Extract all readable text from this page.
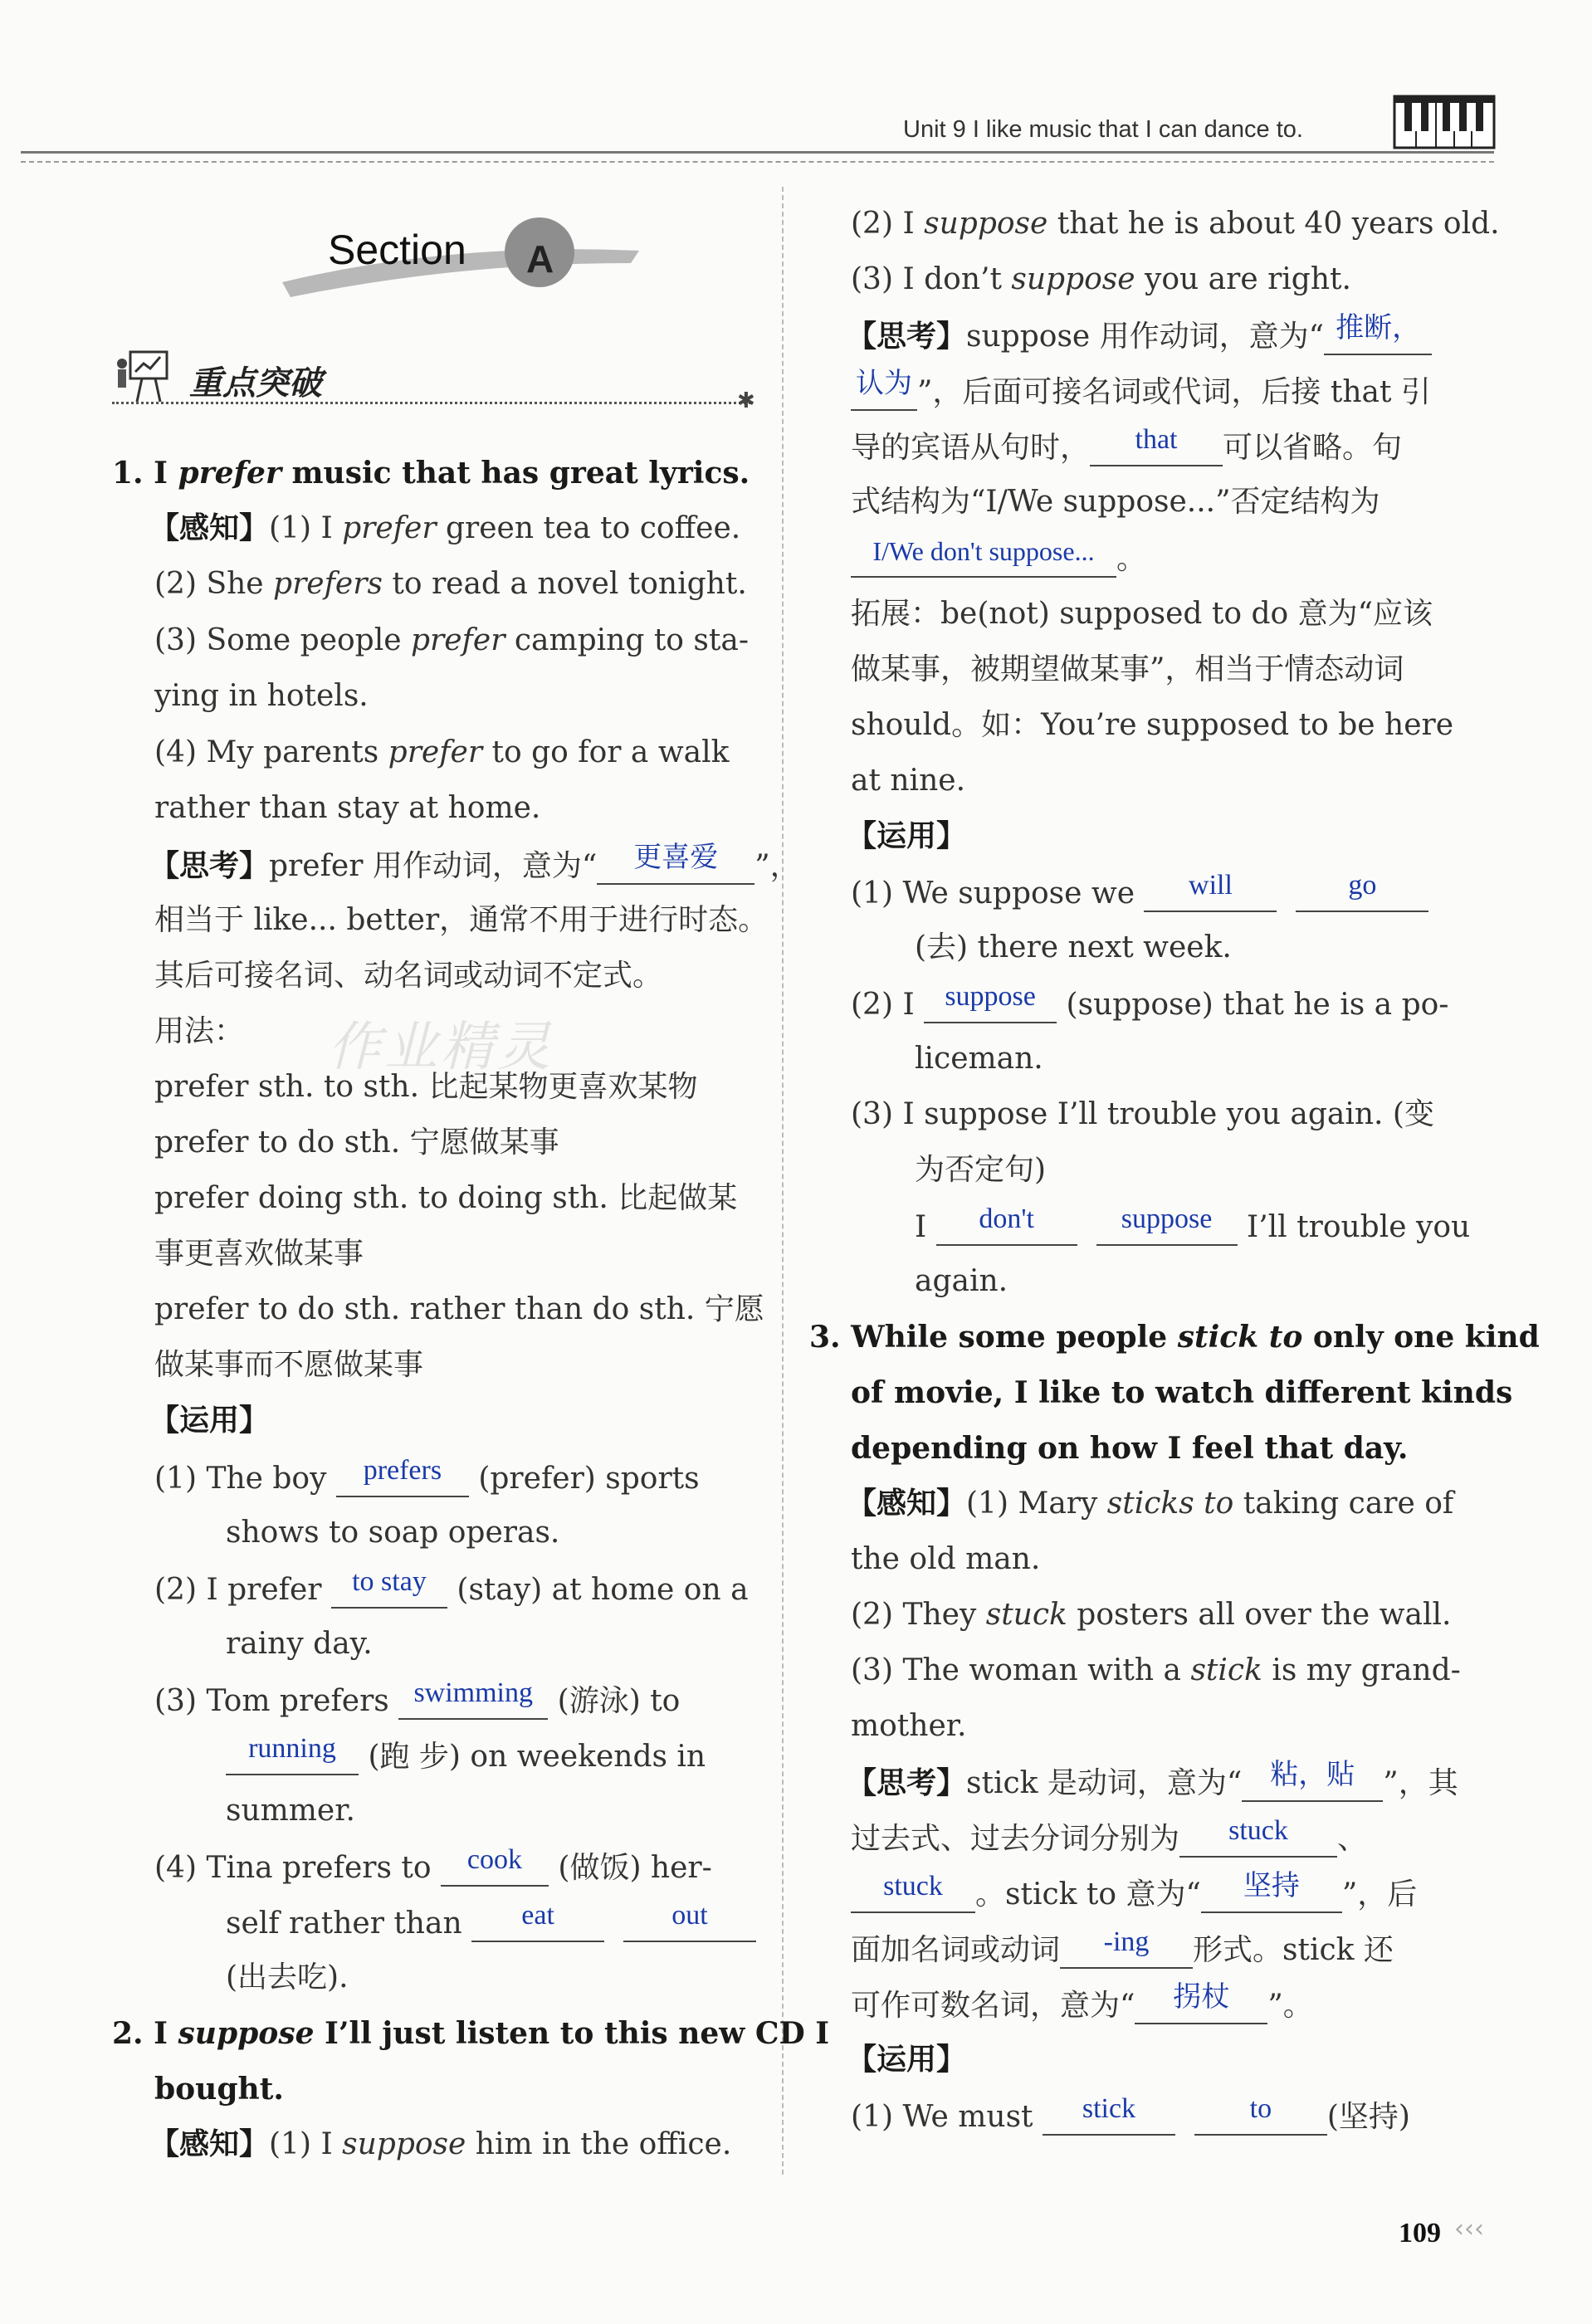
Unit 9 I like music that I can dance to.
Section A
重点突破	✱
作业精灵
1. I prefer music that has great lyrics.
【感知】(1) I prefer green tea to coffee.
(2) She prefers to read a novel tonight.
(3) Some people prefer camping to sta-
ying in hotels.
(4) My parents prefer to go for a walk
rather than stay at home.
【思考】prefer 用作动词，意为“	更喜爱	”，
相当于 like... better，通常不用于进行时态。
其后可接名词、动名词或动词不定式。
用法：
prefer sth. to sth. 比起某物更喜欢某物
prefer to do sth. 宁愿做某事
prefer doing sth. to doing sth. 比起做某
事更喜欢做某事
prefer to do sth. rather than do sth. 宁愿
做某事而不愿做某事
【运用】
(1) The boy prefers (prefer) sports
shows to soap operas.
(2) I prefer to stay (stay) at home on a
rainy day.
(3) Tom prefers swimming (游泳) to
running (跑 步) on weekends in
summer.
(4) Tina prefers to cook (做饭) her-
self rather than	eat
	out
(出去吃).
2. I suppose I’ll just listen to this new CD I
bought.
【感知】(1) I suppose him in the office.
(2) I suppose that he is about 40 years old.
(3) I don’t suppose you are right.
【思考】suppose 用作动词，意为“ 推断，
认为 ”，后面可接名词或代词，后接 that 引
导的宾语从句时，	that	可以省略。句
式结构为“I/We suppose...”否定结构为
I/We don't suppose... 。
拓展：be(not) supposed to do 意为“应该
做某事，被期望做某事”，相当于情态动词
should。如：You’re supposed to be here
at nine.
【运用】
(1) We suppose we	will
	go
(去) there next week.
(2) I suppose (suppose) that he is a po-
liceman.
(3) I suppose I’ll trouble you again. (变
为否定句)
I	don't
	suppose I’ll trouble you
again.
3. While some people stick to only one kind
of movie, I like to watch different kinds
depending on how I feel that day.
【感知】(1) Mary sticks to taking care of
the old man.
(2) They stuck posters all over the wall.
(3) The woman with a stick is my grand-
mother.
【思考】stick 是动词，意为“	粘，贴 ”，其
过去式、过去分词分别为	stuck	、
stuck	。stick to 意为“	坚持	”，后
面加名词或动词	-ing	形式。stick 还
可作可数名词，意为“	拐杖	”。
【运用】
(1) We must	stick
	to	(坚持)
109 ‹‹‹
